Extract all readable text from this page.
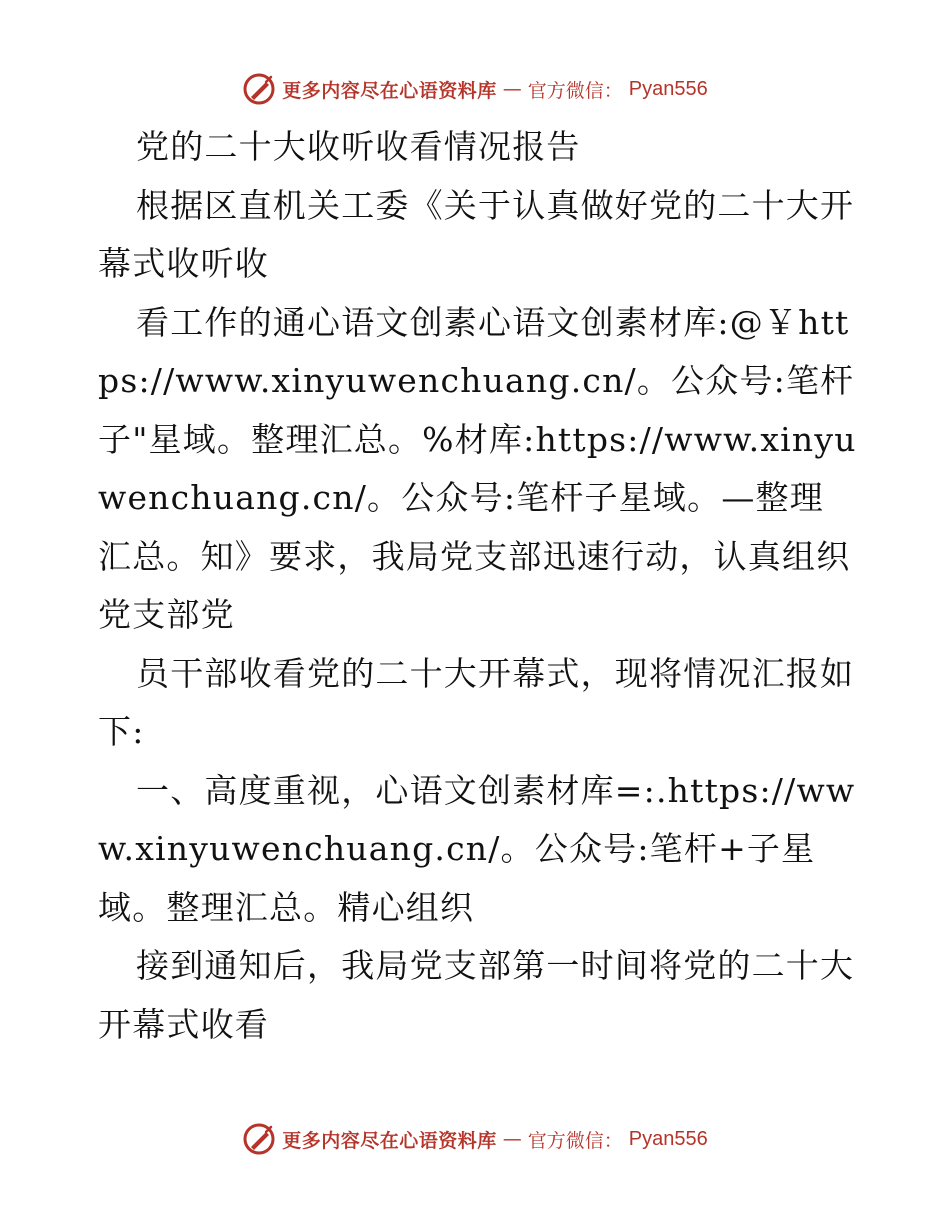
更多内容尽在心语资料库 — 官方微信： Pyan556

党的二十大收听收看情况报告

根据区直机关工委《关于认真做好党的二十大开幕式收听收

看工作的通心语文创素心语文创素材库:@￥https://www.xinyuwenchuang.cn/。公众号:笔杆子"星域。整理汇总。%材库:https://www.xinyuwenchuang.cn/。公众号:笔杆子星域。—整理汇总。知》要求，我局党支部迅速行动，认真组织党支部党

员干部收看党的二十大开幕式，现将情况汇报如下:

一、高度重视，心语文创素材库=:.https://www.xinyuwenchuang.cn/。公众号:笔杆+子星域。整理汇总。精心组织

接到通知后，我局党支部第一时间将党的二十大开幕式收看

更多内容尽在心语资料库 — 官方微信： Pyan556
